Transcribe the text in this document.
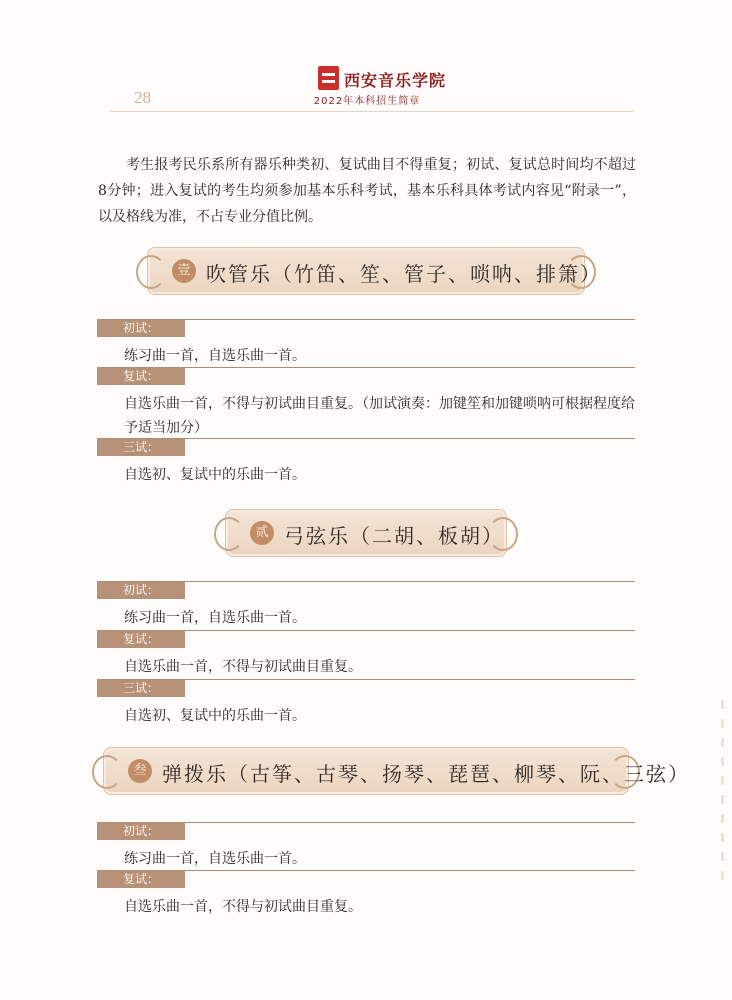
28
西安音乐学院
2022年本科招生简章

考生报考民乐系所有器乐种类初、复试曲目不得重复；初试、复试总时间均不超过8分钟；进入复试的考生均须参加基本乐科考试，基本乐科具体考试内容见“附录一”，以及格线为准，不占专业分值比例。

壹 吹管乐（竹笛、笙、管子、唢呐、排箫）
初试：
练习曲一首，自选乐曲一首。
复试：
自选乐曲一首，不得与初试曲目重复。（加试演奏：加键笙和加键唢呐可根据程度给予适当加分）
三试：
自选初、复试中的乐曲一首。
贰 弓弦乐（二胡、板胡）
初试：
练习曲一首，自选乐曲一首。
复试：
自选乐曲一首，不得与初试曲目重复。
三试：
自选初、复试中的乐曲一首。
叁 弹拨乐（古筝、古琴、扬琴、琵琶、柳琴、阮、三弦）
初试：
练习曲一首，自选乐曲一首。
复试：
自选乐曲一首，不得与初试曲目重复。
